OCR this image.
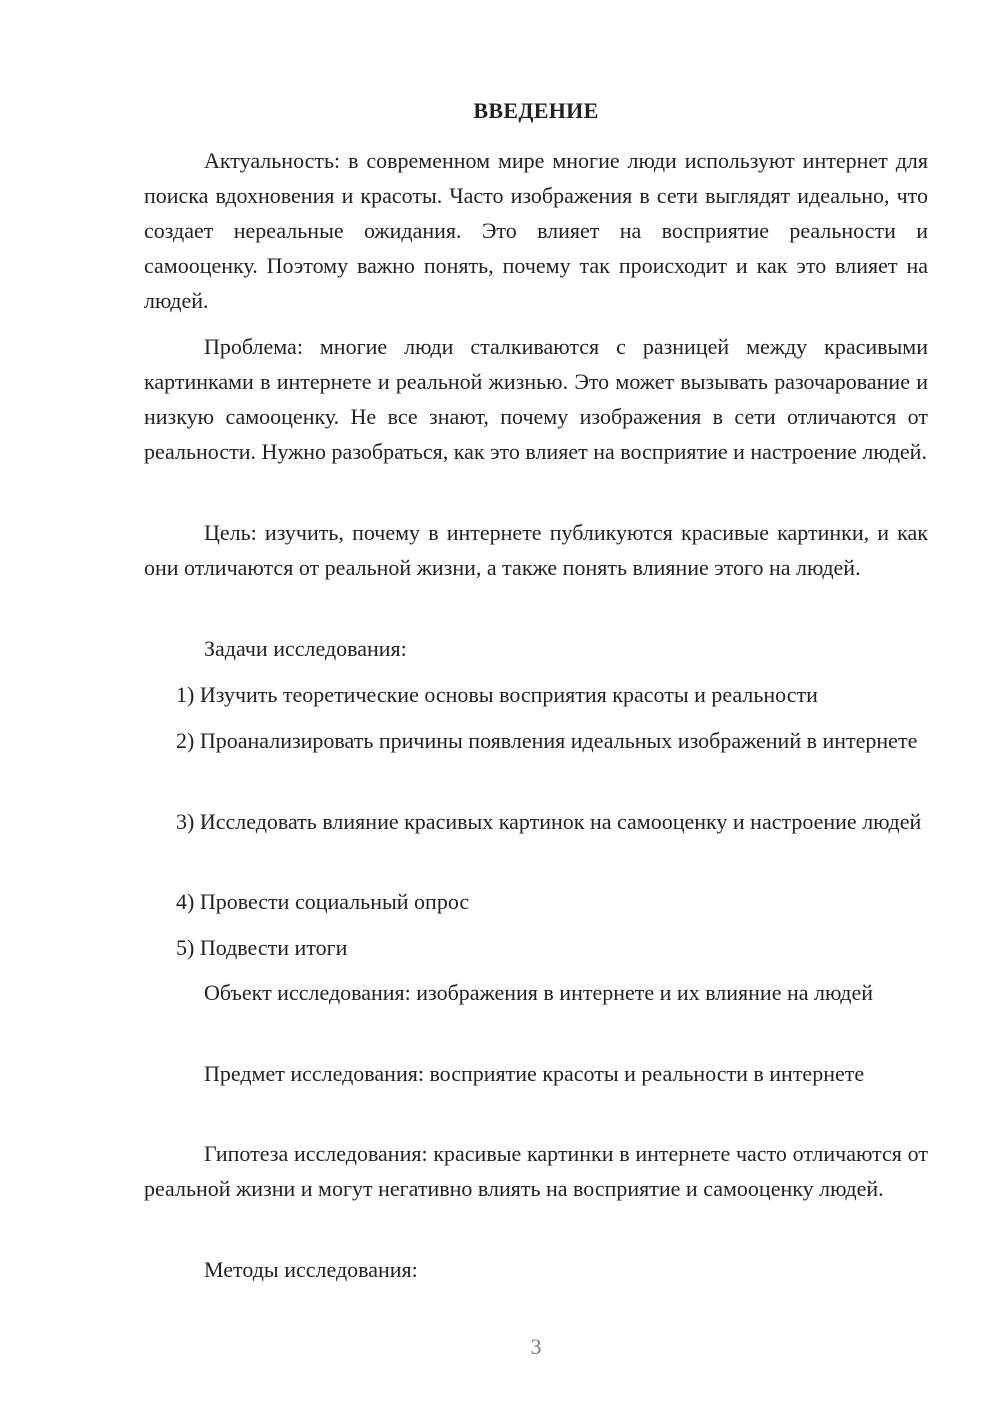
ВВЕДЕНИЕ

Актуальность: в современном мире многие люди используют интернет для поиска вдохновения и красоты. Часто изображения в сети выглядят идеально, что создает нереальные ожидания. Это влияет на восприятие реальности и самооценку. Поэтому важно понять, почему так происходит и как это влияет на людей.

Проблема: многие люди сталкиваются с разницей между красивыми картинками в интернете и реальной жизнью. Это может вызывать разочарование и низкую самооценку. Не все знают, почему изображения в сети отличаются от реальности. Нужно разобраться, как это влияет на восприятие и настроение людей.

Цель: изучить, почему в интернете публикуются красивые картинки, и как они отличаются от реальной жизни, а также понять влияние этого на людей.

Задачи исследования:

1) Изучить теоретические основы восприятия красоты и реальности

2) Проанализировать причины появления идеальных изображений в интернете

3) Исследовать влияние красивых картинок на самооценку и настроение людей

4) Провести социальный опрос

5) Подвести итоги

Объект исследования: изображения в интернете и их влияние на людей

Предмет исследования: восприятие красоты и реальности в интернете

Гипотеза исследования: красивые картинки в интернете часто отличаются от реальной жизни и могут негативно влиять на восприятие и самооценку людей.

Методы исследования:

3
